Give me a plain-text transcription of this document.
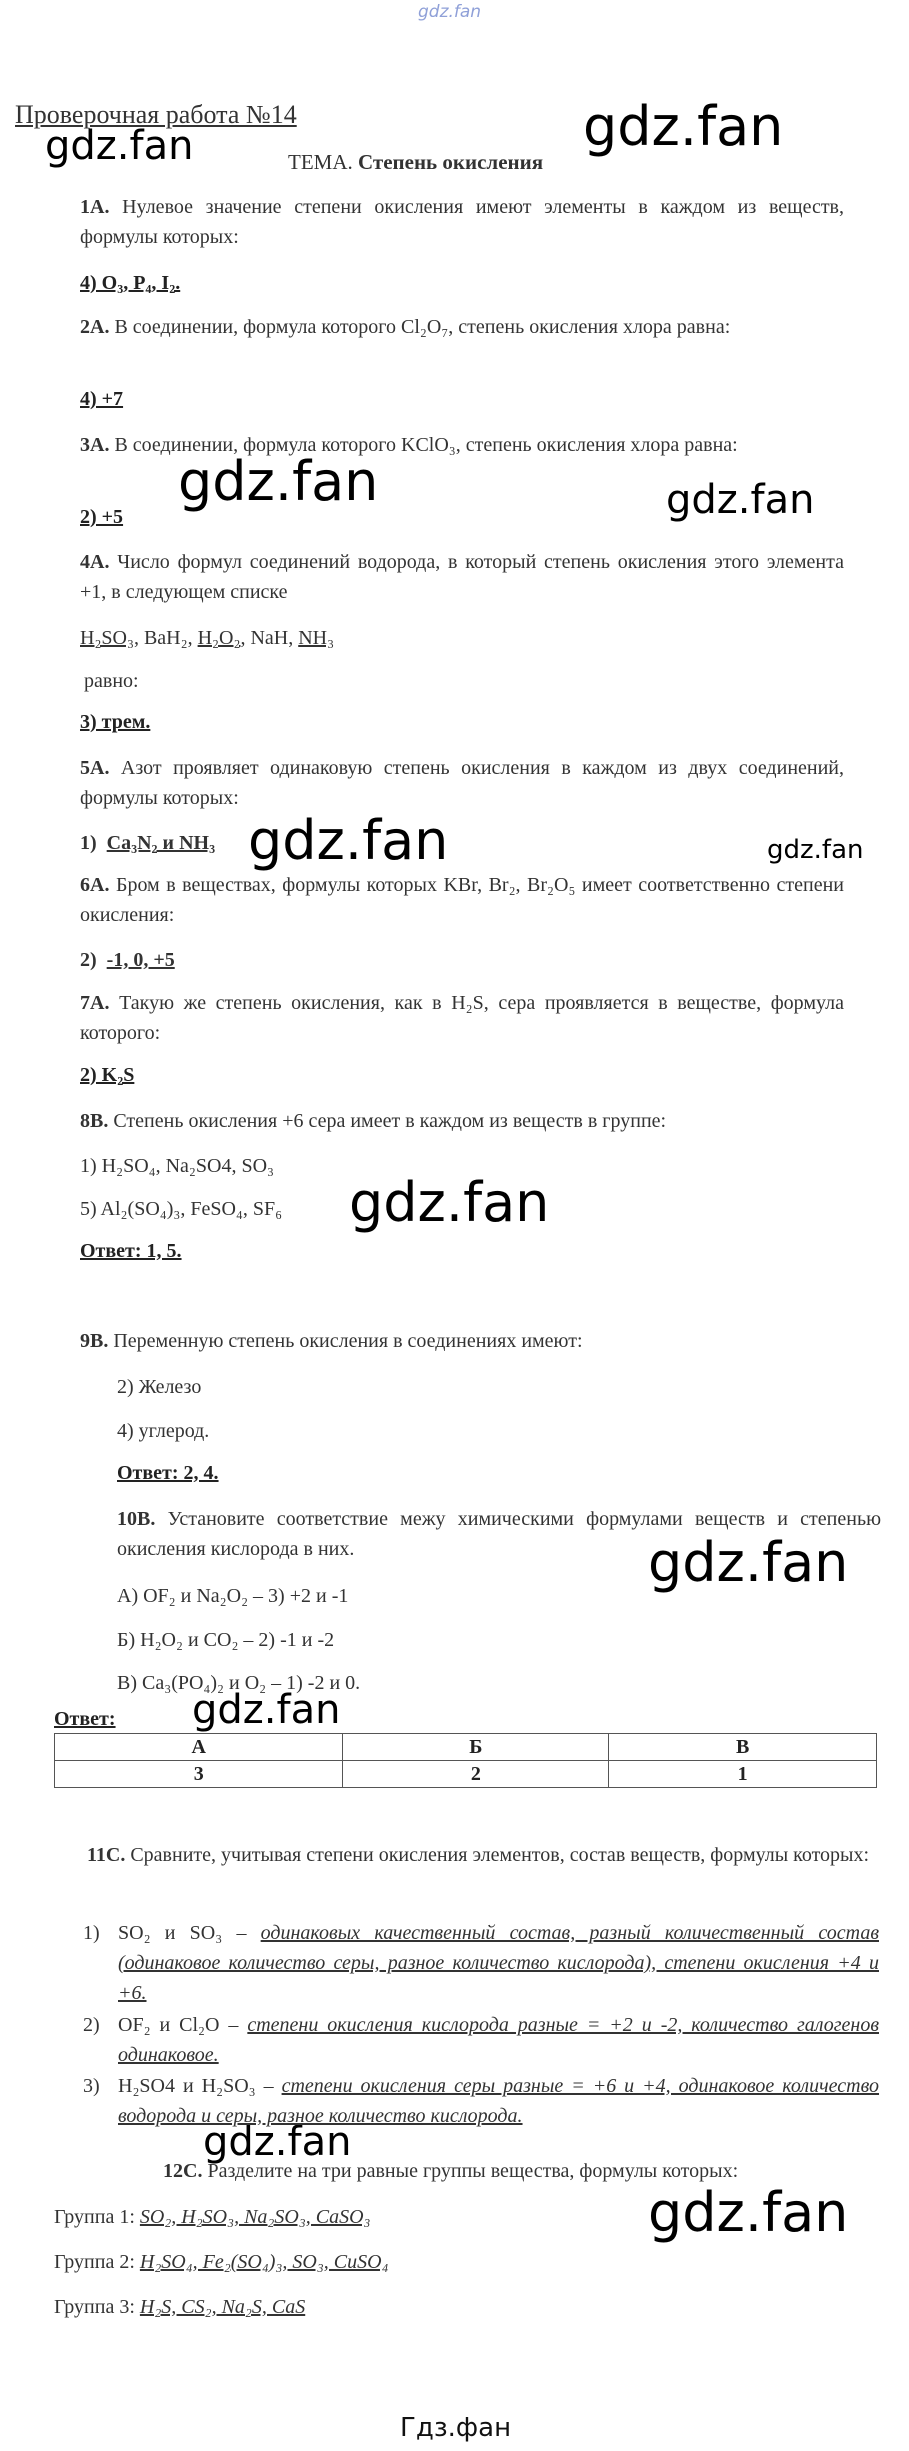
gdz.fan
gdz.fan	gdz.fan
gdz.fan	gdz.fan
gdz.fan	gdz.fan
gdz.fan
gdz.fan
gdz.fan
gdz.fan
gdz.fan
Гдз.фан
Проверочная работа №14
ТЕМА. Степень окисления
1А. Нулевое значение степени окисления имеют элементы в каждом из веществ, формулы которых:
4) O₃, P₄, I₂.
2А. В соединении, формула которого Cl₂O₇, степень окисления хлора равна:
4) +7
3А. В соединении, формула которого KClO₃, степень окисления хлора равна:
2) +5
4А. Число формул соединений водорода, в который степень окисления этого элемента +1, в следующем списке
H₂SO₃, BaH₂, H₂O₂, NaH, NH₃
равно:
3) трем.
5А. Азот проявляет одинаковую степень окисления в каждом из двух соединений, формулы которых:
1) Ca₃N₂ и NH₃
6А. Бром в веществах, формулы которых KBr, Br₂, Br₂O₅ имеет соответственно степени окисления:
2) -1, 0, +5
7А. Такую же степень окисления, как в H₂S, сера проявляется в веществе, формула которого:
2) K₂S
8В. Степень окисления +6 сера имеет в каждом из веществ в группе:
1) H₂SO₄, Na₂SO4, SO₃
5) Al₂(SO₄)₃, FeSO₄, SF₆
Ответ: 1, 5.
9В. Переменную степень окисления в соединениях имеют:
2) Железо
4) углерод.
Ответ: 2, 4.
10В. Установите соответствие межу химическими формулами веществ и степенью окисления кислорода в них.
А) OF₂ и Na₂O₂ – 3) +2 и -1
Б) H₂O₂ и CO₂ – 2) -1 и -2
В) Ca₃(PO₄)₂ и O₂ – 1) -2 и 0.
Ответ:
А	Б	В
3	2	1
11С. Сравните, учитывая степени окисления элементов, состав веществ, формулы которых:
1) SO₂ и SO₃ – одинаковых качественный состав, разный количественный состав (одинаковое количество серы, разное количество кислорода), степени окисления +4 и +6.
2) OF₂ и Cl₂O – степени окисления кислорода разные = +2 и -2, количество галогенов одинаковое.
3) H₂SO4 и H₂SO₃ – степени окисления серы разные = +6 и +4, одинаковое количество водорода и серы, разное количество кислорода.
12С. Разделите на три равные группы вещества, формулы которых:
Группа 1: SO₂, H₂SO₃, Na₂SO₃, CaSO₃
Группа 2: H₂SO₄, Fe₂(SO₄)₃, SO₃, CuSO₄
Группа 3: H₂S, CS₂, Na₂S, CaS
